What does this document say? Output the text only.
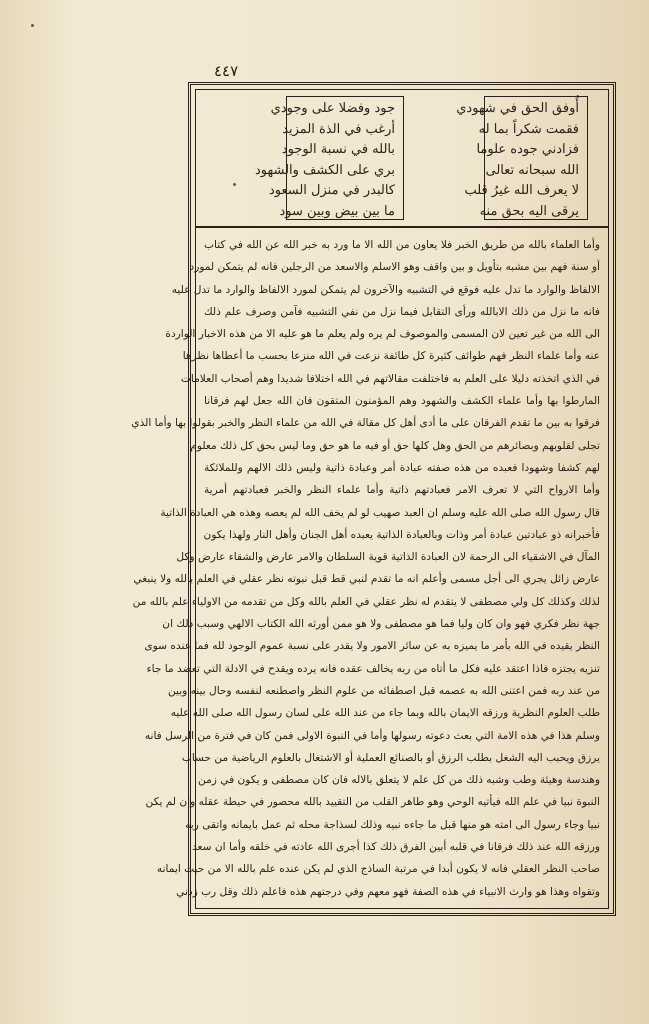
٤٤٧
أُوفق الحق في شهودي
فقمت شكراً بما له
فزادني جوده علوما
الله سبحانه تعالى
لا يعرف الله غيرُ قلب
يرقى اليه بحق منه
جود وفضلا على وجودي
أرغب في الذة المزيد
بالله في نسبة الوجود
بري على الكشف والشهود
كالبدر في منزل السعود
ما بين بيض وبين سود
وأما العلماء بالله من طريق الخبر فلا يعاون من الله الا ما ورد به خبر الله عن الله في كتاب
أو سنة فهم بين مشبه بتأويل و بين واقف وهو الاسلم والاسعد من الرجلين فانه لم يتمكن لمورد
الالفاظ والوارد ما تدل عليه فوقع في التشبيه والآخرون لم يتمكن لمورد الالفاظ والوارد ما تدل عليه
فانه ما نزل من ذلك الابالله ورأى التقابل فيما نزل من نفي التشبيه فآمن وصرف علم ذلك
الى الله من غير تعين لان المسمى والموصوف لم يره ولم يعلم ما هو عليه الا من هذه الاخبار الواردة
عنه وأما علماء النظر فهم طوائف كثيرة كل طائفة نزعت في الله منزعا بحسب ما أعطاها نظرها
في الذي اتخذته دليلا على العلم به فاختلفت مقالاتهم في الله اختلافا شديدا وهم أصحاب العلامات
المارطوا بها وأما علماء الكشف والشهود وهم المؤمنون المتقون فان الله جعل لهم فرقانا
فرقوا به بين ما تقدم الفرقان على ما أدى أهل كل مقالة في الله من علماء النظر والخبر بقولوا بها وأما الذي
تجلى لقلوبهم وبصائرهم من الحق وهل كلها حق أو فيه ما هو حق وما ليس بحق كل ذلك معلوم
لهم كشفا وشهودا فعبده من هذه صفته عبادة أمر وعبادة ذاتية وليس ذلك الالهم وللملائكة
وأما الارواح التي لا تعرف الامر فعبادتهم ذاتية وأما علماء النظر والخبر فعبادتهم أمرية
قال رسول الله صلى الله عليه وسلم ان العبد صهيب لو لم يخف الله لم يعصه وهذه هي العبادة الذاتية
فأخبرانه ذو عبادتين عبادة أمر وذات وبالعبادة الذاتية يعبده أهل الجنان وأهل النار ولهذا يكون
المآل في الاشقياء الى الرحمة لان العبادة الذاتية قوية السلطان والامر عارض والشقاء عارض وكل
عارض زائل يجري الى أجل مسمى وأعلم انه ما تقدم لنبي قط قبل نبوته نظر عقلي في العلم بالله ولا ينبغي
لذلك وكذلك كل ولي مصطفى لا يتقدم له نظر عقلي في العلم بالله وكل من تقدمه من الاولياء علم بالله من
جهة نظر فكري فهو وان كان وليا فما هو مصطفى ولا هو ممن أورثه الله الكتاب الالهي وسبب ذلك ان
النظر يقيده في الله بأمر ما يميزه به عن سائر الامور ولا يقدر على نسبة عموم الوجود لله فما عنده سوى
تنزيه يجتزه فاذا اعتقد عليه فكل ما أتاه من ربه يخالف عقده فانه يرده ويقدح في الادلة التي تعضد ما جاء
من عند ربه فمن اعتنى الله به عصمه قبل اصطفائه من علوم النظر واصطنعه لنفسه وحال بينه وبين
طلب العلوم النظرية ورزقه الايمان بالله وبما جاء من عند الله على لسان رسول الله صلى الله عليه
وسلم هذا في هذه الامة التي بعث دعوته رسولها وأما في النبوة الاولى فمن كان في فترة من الرسل فانه
يرزق ويحبب اليه الشغل بطلب الرزق أو بالصنائع العملية أو الاشتغال بالعلوم الرياضية من حساب
وهندسة وهيئة وطب وشبه ذلك من كل علم لا يتعلق بالاله فان كان مصطفى و يكون في زمن
النبوة نبيا في علم الله فيأتيه الوحي وهو طاهر القلب من التقييد بالله محصور في حيطة عقله وان لم يكن
نبيا وجاء رسول الى امته هو منها قبل ما جاءه نبيه وذلك لسذاجة محله ثم عمل بايمانه واتقى ربه
ورزقه الله عند ذلك فرقانا في قلبه أبين الفرق ذلك كذا أجرى الله عادته في خلقه وأما ان سعد
صاحب النظر العقلي فانه لا يكون أبدا في مرتبة الساذج الذي لم يكن عنده علم بالله الا من حيث ايمانه
وتقواه وهذا هو وارث الانبياء في هذه الصفة فهو معهم وفي درجتهم هذه فاعلم ذلك وقل رب زدني
